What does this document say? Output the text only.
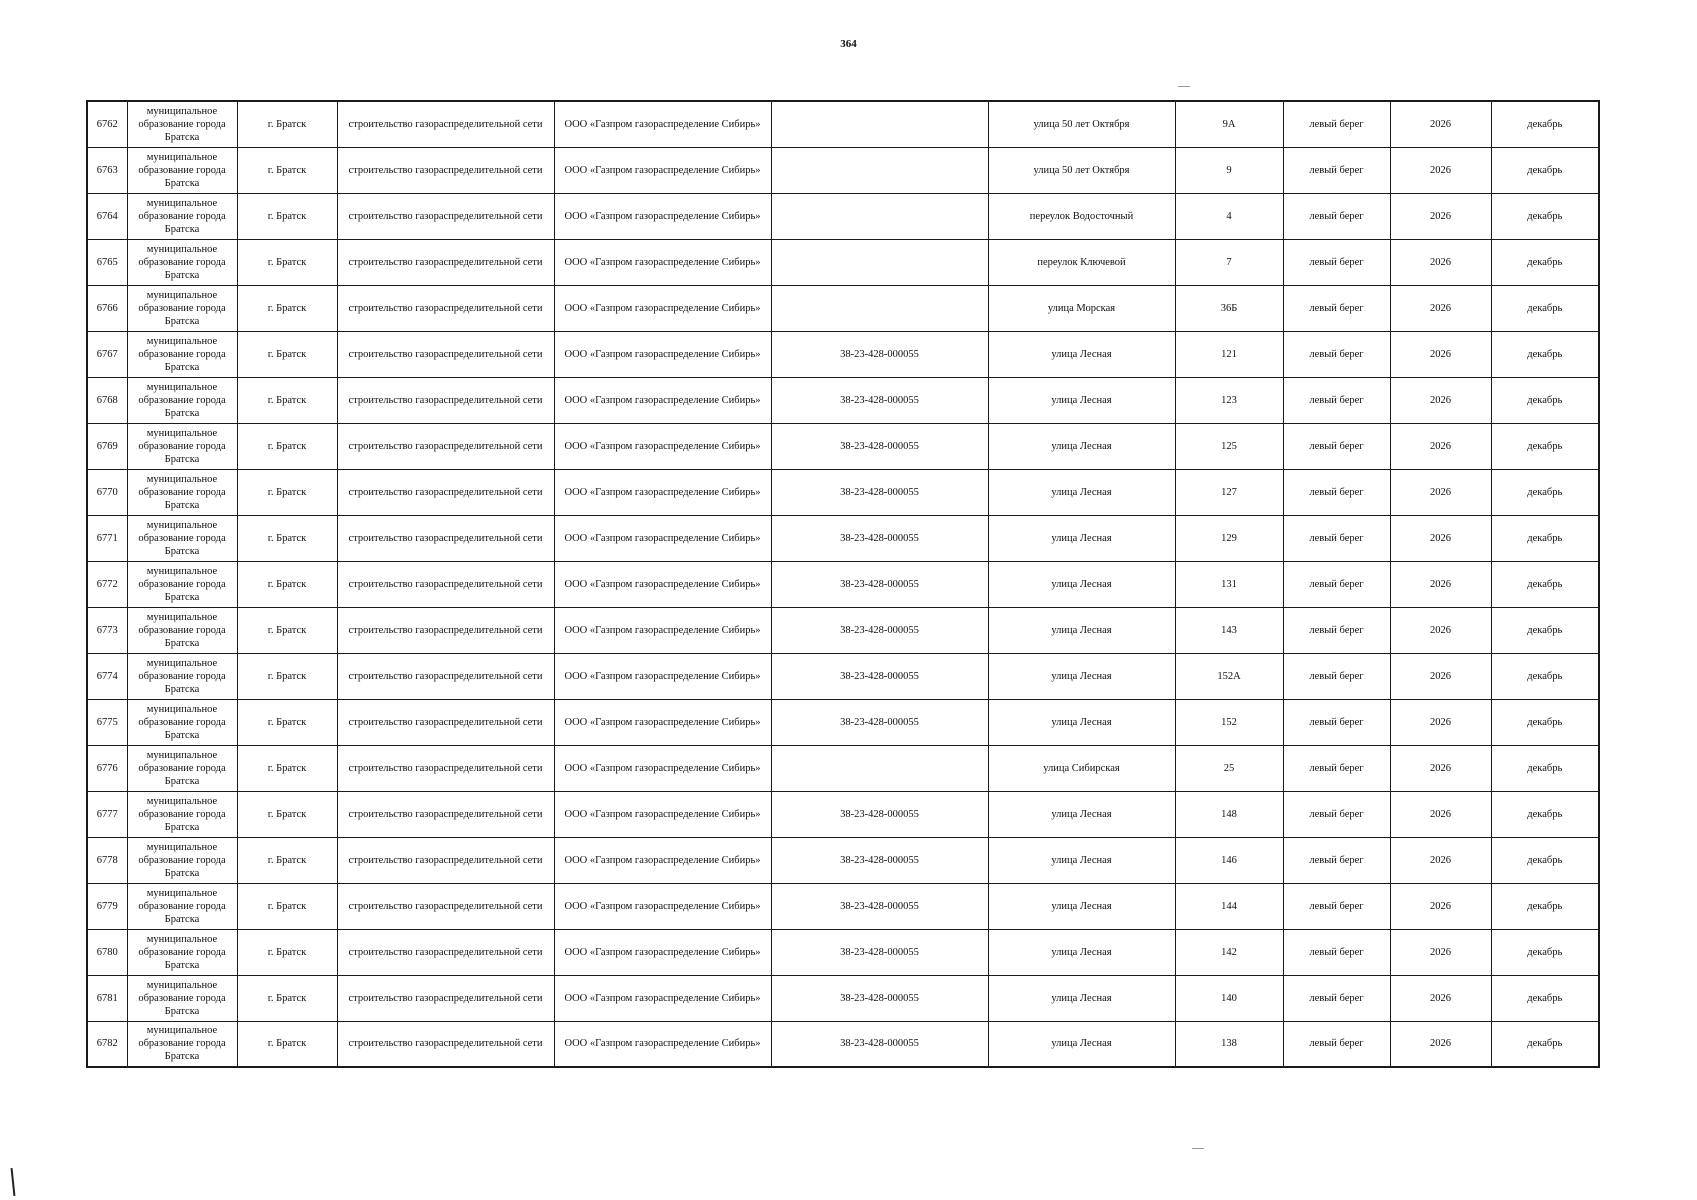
364
6762	муниципальное образование города Братска	г. Братск	строительство газораспределительной сети	ООО «Газпром газораспределение Сибирь»		улица 50 лет Октября	9А	левый берег	2026	декабрь
6763	муниципальное образование города Братска	г. Братск	строительство газораспределительной сети	ООО «Газпром газораспределение Сибирь»		улица 50 лет Октября	9	левый берег	2026	декабрь
6764	муниципальное образование города Братска	г. Братск	строительство газораспределительной сети	ООО «Газпром газораспределение Сибирь»		переулок Водосточный	4	левый берег	2026	декабрь
6765	муниципальное образование города Братска	г. Братск	строительство газораспределительной сети	ООО «Газпром газораспределение Сибирь»		переулок Ключевой	7	левый берег	2026	декабрь
6766	муниципальное образование города Братска	г. Братск	строительство газораспределительной сети	ООО «Газпром газораспределение Сибирь»		улица Морская	36Б	левый берег	2026	декабрь
6767	муниципальное образование города Братска	г. Братск	строительство газораспределительной сети	ООО «Газпром газораспределение Сибирь»	38-23-428-000055	улица Лесная	121	левый берег	2026	декабрь
6768	муниципальное образование города Братска	г. Братск	строительство газораспределительной сети	ООО «Газпром газораспределение Сибирь»	38-23-428-000055	улица Лесная	123	левый берег	2026	декабрь
6769	муниципальное образование города Братска	г. Братск	строительство газораспределительной сети	ООО «Газпром газораспределение Сибирь»	38-23-428-000055	улица Лесная	125	левый берег	2026	декабрь
6770	муниципальное образование города Братска	г. Братск	строительство газораспределительной сети	ООО «Газпром газораспределение Сибирь»	38-23-428-000055	улица Лесная	127	левый берег	2026	декабрь
6771	муниципальное образование города Братска	г. Братск	строительство газораспределительной сети	ООО «Газпром газораспределение Сибирь»	38-23-428-000055	улица Лесная	129	левый берег	2026	декабрь
6772	муниципальное образование города Братска	г. Братск	строительство газораспределительной сети	ООО «Газпром газораспределение Сибирь»	38-23-428-000055	улица Лесная	131	левый берег	2026	декабрь
6773	муниципальное образование города Братска	г. Братск	строительство газораспределительной сети	ООО «Газпром газораспределение Сибирь»	38-23-428-000055	улица Лесная	143	левый берег	2026	декабрь
6774	муниципальное образование города Братска	г. Братск	строительство газораспределительной сети	ООО «Газпром газораспределение Сибирь»	38-23-428-000055	улица Лесная	152А	левый берег	2026	декабрь
6775	муниципальное образование города Братска	г. Братск	строительство газораспределительной сети	ООО «Газпром газораспределение Сибирь»	38-23-428-000055	улица Лесная	152	левый берег	2026	декабрь
6776	муниципальное образование города Братска	г. Братск	строительство газораспределительной сети	ООО «Газпром газораспределение Сибирь»		улица Сибирская	25	левый берег	2026	декабрь
6777	муниципальное образование города Братска	г. Братск	строительство газораспределительной сети	ООО «Газпром газораспределение Сибирь»	38-23-428-000055	улица Лесная	148	левый берег	2026	декабрь
6778	муниципальное образование города Братска	г. Братск	строительство газораспределительной сети	ООО «Газпром газораспределение Сибирь»	38-23-428-000055	улица Лесная	146	левый берег	2026	декабрь
6779	муниципальное образование города Братска	г. Братск	строительство газораспределительной сети	ООО «Газпром газораспределение Сибирь»	38-23-428-000055	улица Лесная	144	левый берег	2026	декабрь
6780	муниципальное образование города Братска	г. Братск	строительство газораспределительной сети	ООО «Газпром газораспределение Сибирь»	38-23-428-000055	улица Лесная	142	левый берег	2026	декабрь
6781	муниципальное образование города Братска	г. Братск	строительство газораспределительной сети	ООО «Газпром газораспределение Сибирь»	38-23-428-000055	улица Лесная	140	левый берег	2026	декабрь
6782	муниципальное образование города Братска	г. Братск	строительство газораспределительной сети	ООО «Газпром газораспределение Сибирь»	38-23-428-000055	улица Лесная	138	левый берег	2026	декабрь
